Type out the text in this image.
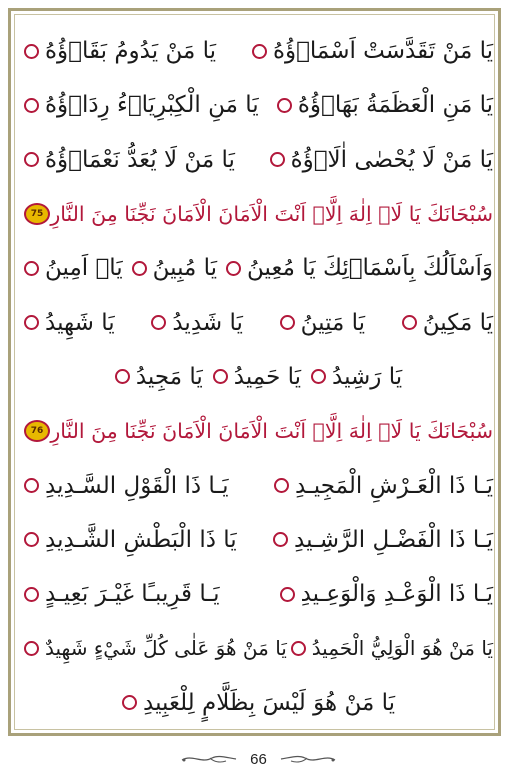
يَا مَنْ تَقَدَّسَتْ اَسْمَاۤؤُهُ
يَا مَنْ يَدُومُ بَقَاۤؤُهُ
يَا مَنِ الْعَظَمَةُ بَهَاۤؤُهُ
يَا مَنِ الْكِبْرِيَاۤءُ رِدَاۤؤُهُ
يَا مَنْ لَا يُحْصٰى اٰلَاۤؤُهُ
يَا مَنْ لَا يُعَدُّ نَعْمَاۤؤُهُ
سُبْحَانَكَ يَا لَاۤ اِلٰهَ اِلَّاۤ اَنْتَ الْاَمَانَ الْاَمَانَ نَجِّنَا مِنَ النَّارِ
75
وَاَسْاَلُكَ بِاَسْمَاۤئِكَ يَا مُعِينُ
يَا مُبِينُ
يَاۤ اَمِينُ
يَا مَكِينُ
يَا مَتِينُ
يَا شَدِيدُ
يَا شَهِيدُ
يَا رَشِيدُ
يَا حَمِيدُ
يَا مَجِيدُ
سُبْحَانَكَ يَا لَاۤ اِلٰهَ اِلَّاۤ اَنْتَ الْاَمَانَ الْاَمَانَ نَجِّنَا مِنَ النَّارِ
76
يَـا ذَا الْعَـرْشِ الْمَجِيـدِ
يَـا ذَا الْقَوْلِ السَّـدِيدِ
يَـا ذَا الْفَضْـلِ الرَّشِـيدِ
يَا ذَا الْبَطْشِ الشَّـدِيدِ
يَـا ذَا الْوَعْـدِ وَالْوَعِـيدِ
يَـا قَرِيبـًا غَيْـرَ بَعِيـدٍ
يَا مَنْ هُوَ الْوَلِيُّ الْحَمِيدُ
يَا مَنْ هُوَ عَلٰى كُلِّ شَيْءٍ شَهِيدٌ
يَا مَنْ هُوَ لَيْسَ بِظَلَّامٍ لِلْعَبِيدِ
66
